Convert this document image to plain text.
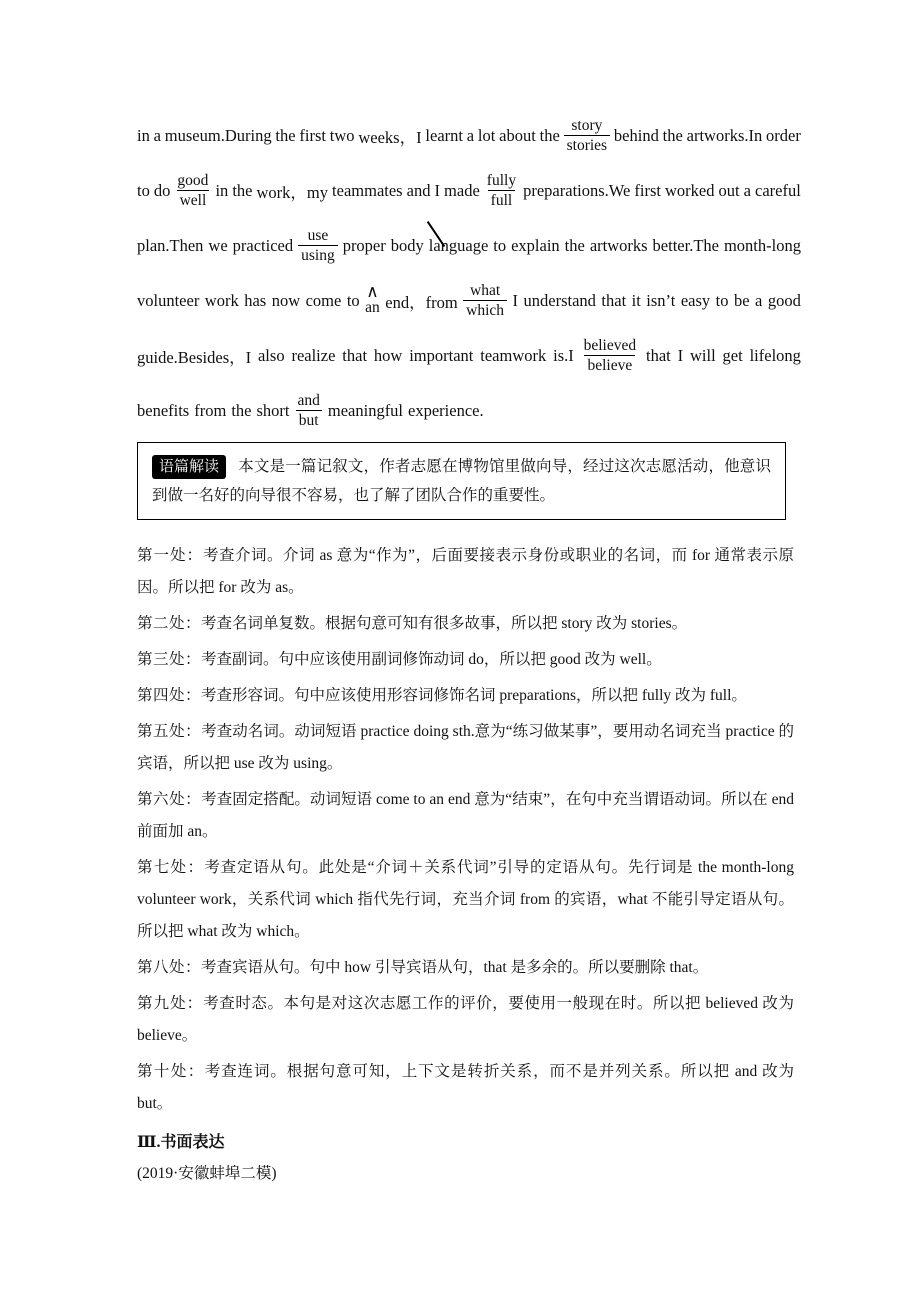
in a museum.During the first two weeks，I learnt a lot about the $\frac{\text{story}}{\text{stories}}$ behind the artworks.In order
to do $\frac{\text{good}}{\text{well}}$ in the work，my teammates and I made $\frac{\text{fully}}{\text{full}}$ preparations.We first worked out a careful
plan.Then we practiced $\frac{\text{use}}{using}$ proper body language to explain the artworks better.The month-long
volunteer work has now come to ∧
an end，from $\frac{\text{what}}{\text{which}}$ I understand that it isn’t easy to be a good
guide.Besides，I also realize that how important teamwork $is.I \frac{\text{believed}}{\text{believe}}$ that I will get lifelong
benefits from the short $\frac{\text{and}}{\text{but}}$ meaningful experience.
语篇解读 本文是一篇记叙文，作者志愿在博物馆里做向导，经过这次志愿活动，他意识到做一名好的向导很不容易，也了解了团队合作的重要性。

第一处：考查介词。介词 as 意为“作为”，后面要接表示身份或职业的名词，而 for 通常表示原因。所以把 for 改为 as。

第二处：考查名词单复数。根据句意可知有很多故事，所以把 story 改为 stories。

第三处：考查副词。句中应该使用副词修饰动词 do，所以把 good 改为 well。

第四处：考查形容词。句中应该使用形容词修饰名词 preparations，所以把 fully 改为 full。

第五处：考查动名词。动词短语 practice doing sth.意为“练习做某事”，要用动名词充当 practice 的宾语，所以把 use 改为 using。

第六处：考查固定搭配。动词短语 come to an end 意为“结束”，在句中充当谓语动词。所以在 end 前面加 an。

第七处：考查定语从句。此处是“介词＋关系代词”引导的定语从句。先行词是 the month-long volunteer work，关系代词 which 指代先行词，充当介词 from 的宾语，what 不能引导定语从句。所以把 what 改为 which。

第八处：考查宾语从句。句中 how 引导宾语从句，that 是多余的。所以要删除 that。

第九处：考查时态。本句是对这次志愿工作的评价，要使用一般现在时。所以把 believed 改为 believe。

第十处：考查连词。根据句意可知，上下文是转折关系，而不是并列关系。所以把 and 改为 but。

Ⅲ.书面表达
(2019·安徽蚌埠二模)
